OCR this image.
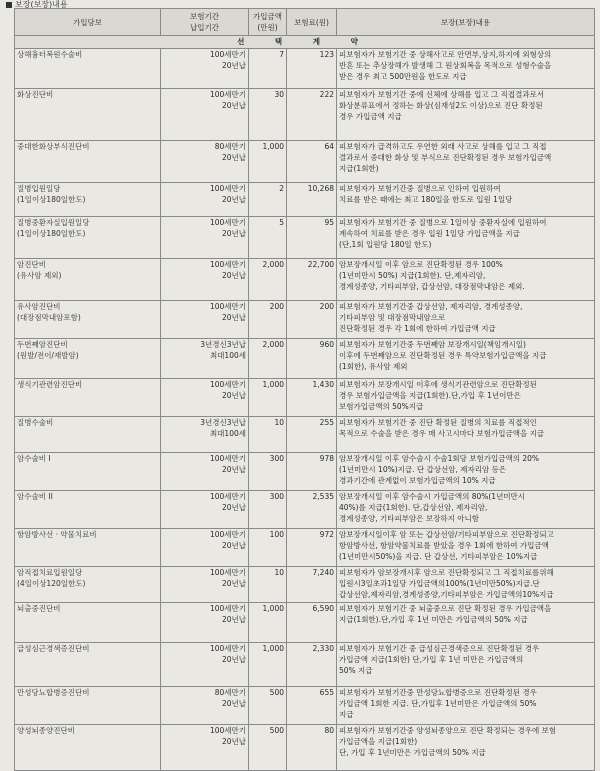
보장(보장)내용
가입담보	보험기간
납입기간	가입금액
(만원)	보험료(원)	보장(보장)내용
선 택 계 약				

상해흉터복원수술비	100세만기
20년납	7	123	피보험자가 보험기간 중 상해사고로 안면부,상지,하지에 외형상의
반흔 또는 추상장해가 발생해 그 원상회복을 목적으로 성형수술을
받은 경우 최고 500만원을 한도로 지급

화상진단비	100세만기
20년납	30	222	피보험자가 보험기간 중에 신체에 상해를 입고 그 직접결과로서
화상분류표에서 정하는 화상(심재성2도 이상)으로 진단 확정된
경우 가입금액 지급

중대한화상부식진단비	80세만기
20년납	1,000	64	피보험자가 급격하고도 우연한 외래 사고로 상해를 입고 그 직접
결과로서 중대한 화상 및 부식으로 진단확정된 경우 보험가입금액
지급(1회한)

질병입원일당
(1일이상180일한도)	100세만기
20년납	2	10,268	피보험자가 보험기간중 질병으로 인하여 입원하여
치료를 받은 때에는 최고 180일을 한도로 입원 1일당

질병중환자실입원일당
(1일이상180일한도)	100세만기
20년납	5	95	피보험자가 보험기간 중 질병으로 1일이상 중환자실에 입원하여
계속하여 치료를 받은 경우 입원 1일당 가입금액을 지급
(단,1회 입원당 180일 한도)

암진단비
(유사암 제외)	100세만기
20년납	2,000	22,700	암보장개시일 이후 암으로 진단확정된 경우 100%
(1년미만시 50%) 지급(1회한). 단,제자리암,
경계성종양, 기타피부암, 갑상선암, 대장점막내암은 제외.

유사암진단비
(대장점막내암포함)	100세만기
20년납	200	200	피보험자가 보험기간중 갑상선암, 제자리암, 경계성종양,
기타피부암 및 대장점막내암으로
진단확정된 경우 각 1회에 한하여 가입금액 지급

두번째암진단비
(원발/전이/재발암)	3년경신3년납
최대100세	2,000	960	피보험자가 보험기간중 두번째암 보장개시일(책임개시일)
이후에 두번째암으로 진단확정된 경우 특약보험가입금액을 지급
(1회한), 유사암 제외

생식기관련암진단비	100세만기
20년납	1,000	1,430	피보험자가 보장개시일 이후에 생식기관련암으로 진단확정된
경우 보험가입금액을 지급(1회한).단,가입 후 1년이만은
보험가입금액의 50%지급

질병수술비	3년경신3년납
최대100세	10	255	피보험자가 보험기간 중 진단 확정된 질병의 치료를 직접적인
목적으로 수술을 받은 경우 매 사고시마다 보험가입금액을 지급

암수술비 I	100세만기
20년납	300	978	암보장개시일 이후 암수술시 수술1회당 보험가입금액의 20%
(1년미만시 10%)지급. 단 갑상선암, 제자리암 등은
경과기간에 관계없이 보험가입금액의 10% 지급

암수술비 II	100세만기
20년납	300	2,535	암보장개시일 이후 암수술시 가입금액의 80%(1년미만시
40%)를 지급(1회한). 단,갑상선암, 제자리암,
경계성종양, 기타피부암은 보장하지 아니함

항암방사선 · 약물치료비	100세만기
20년납	100	972	암보장개시일이후 암 또는 갑상선암/기타피부암으로 진단확정되고
항암방사선, 항암약물치료를 받았을 경우 1회에 한하여 가입금액
(1년미만시50%)을 지급. 단 갑상선, 기타피부암은 10%지급

암직접치료입원일당
(4일이상120일한도)	100세만기
20년납	10	7,240	피보험자가 암보장개시후 암으로 진단확정되고 그 직접치료를위해
입원시3일초과1일당 가입금액의100%(1년미만50%)지급.단
갑상선암,제자리암,경계성종양,기타피부암은 가입금액의10%지급

뇌출중진단비	100세만기
20년납	1,000	6,590	피보험자가 보험기간 중 뇌출중으로 진단 확정된 경우 가입금액을
지급(1회한).단,가입 후 1년 미만은 가입금액의 50% 지급

급성심근경색증진단비	100세만기
20년납	1,000	2,330	피보험자가 보험기간 중 급성심근경색증으로 진단확정된 경우
가입금액 지급(1회한) 단,가입 후 1년 미만은 가입금액의
50% 지급

만성당뇨합병증진단비	80세만기
20년납	500	655	피보험자가 보험기간중 만성당뇨합병증으로 진단확정된 경우
가입금액 1회한 지급. 단,가입후 1년미만은 가입금액의 50%
지급

양성뇌종양진단비	100세만기
20년납	500	80	피보험자가 보험기간중 양성뇌종양으로 진단 확정되는 경우에 보험
가입금액을 지급(1회한)
단, 가입 후 1년미만은 가입금액의 50% 지급
